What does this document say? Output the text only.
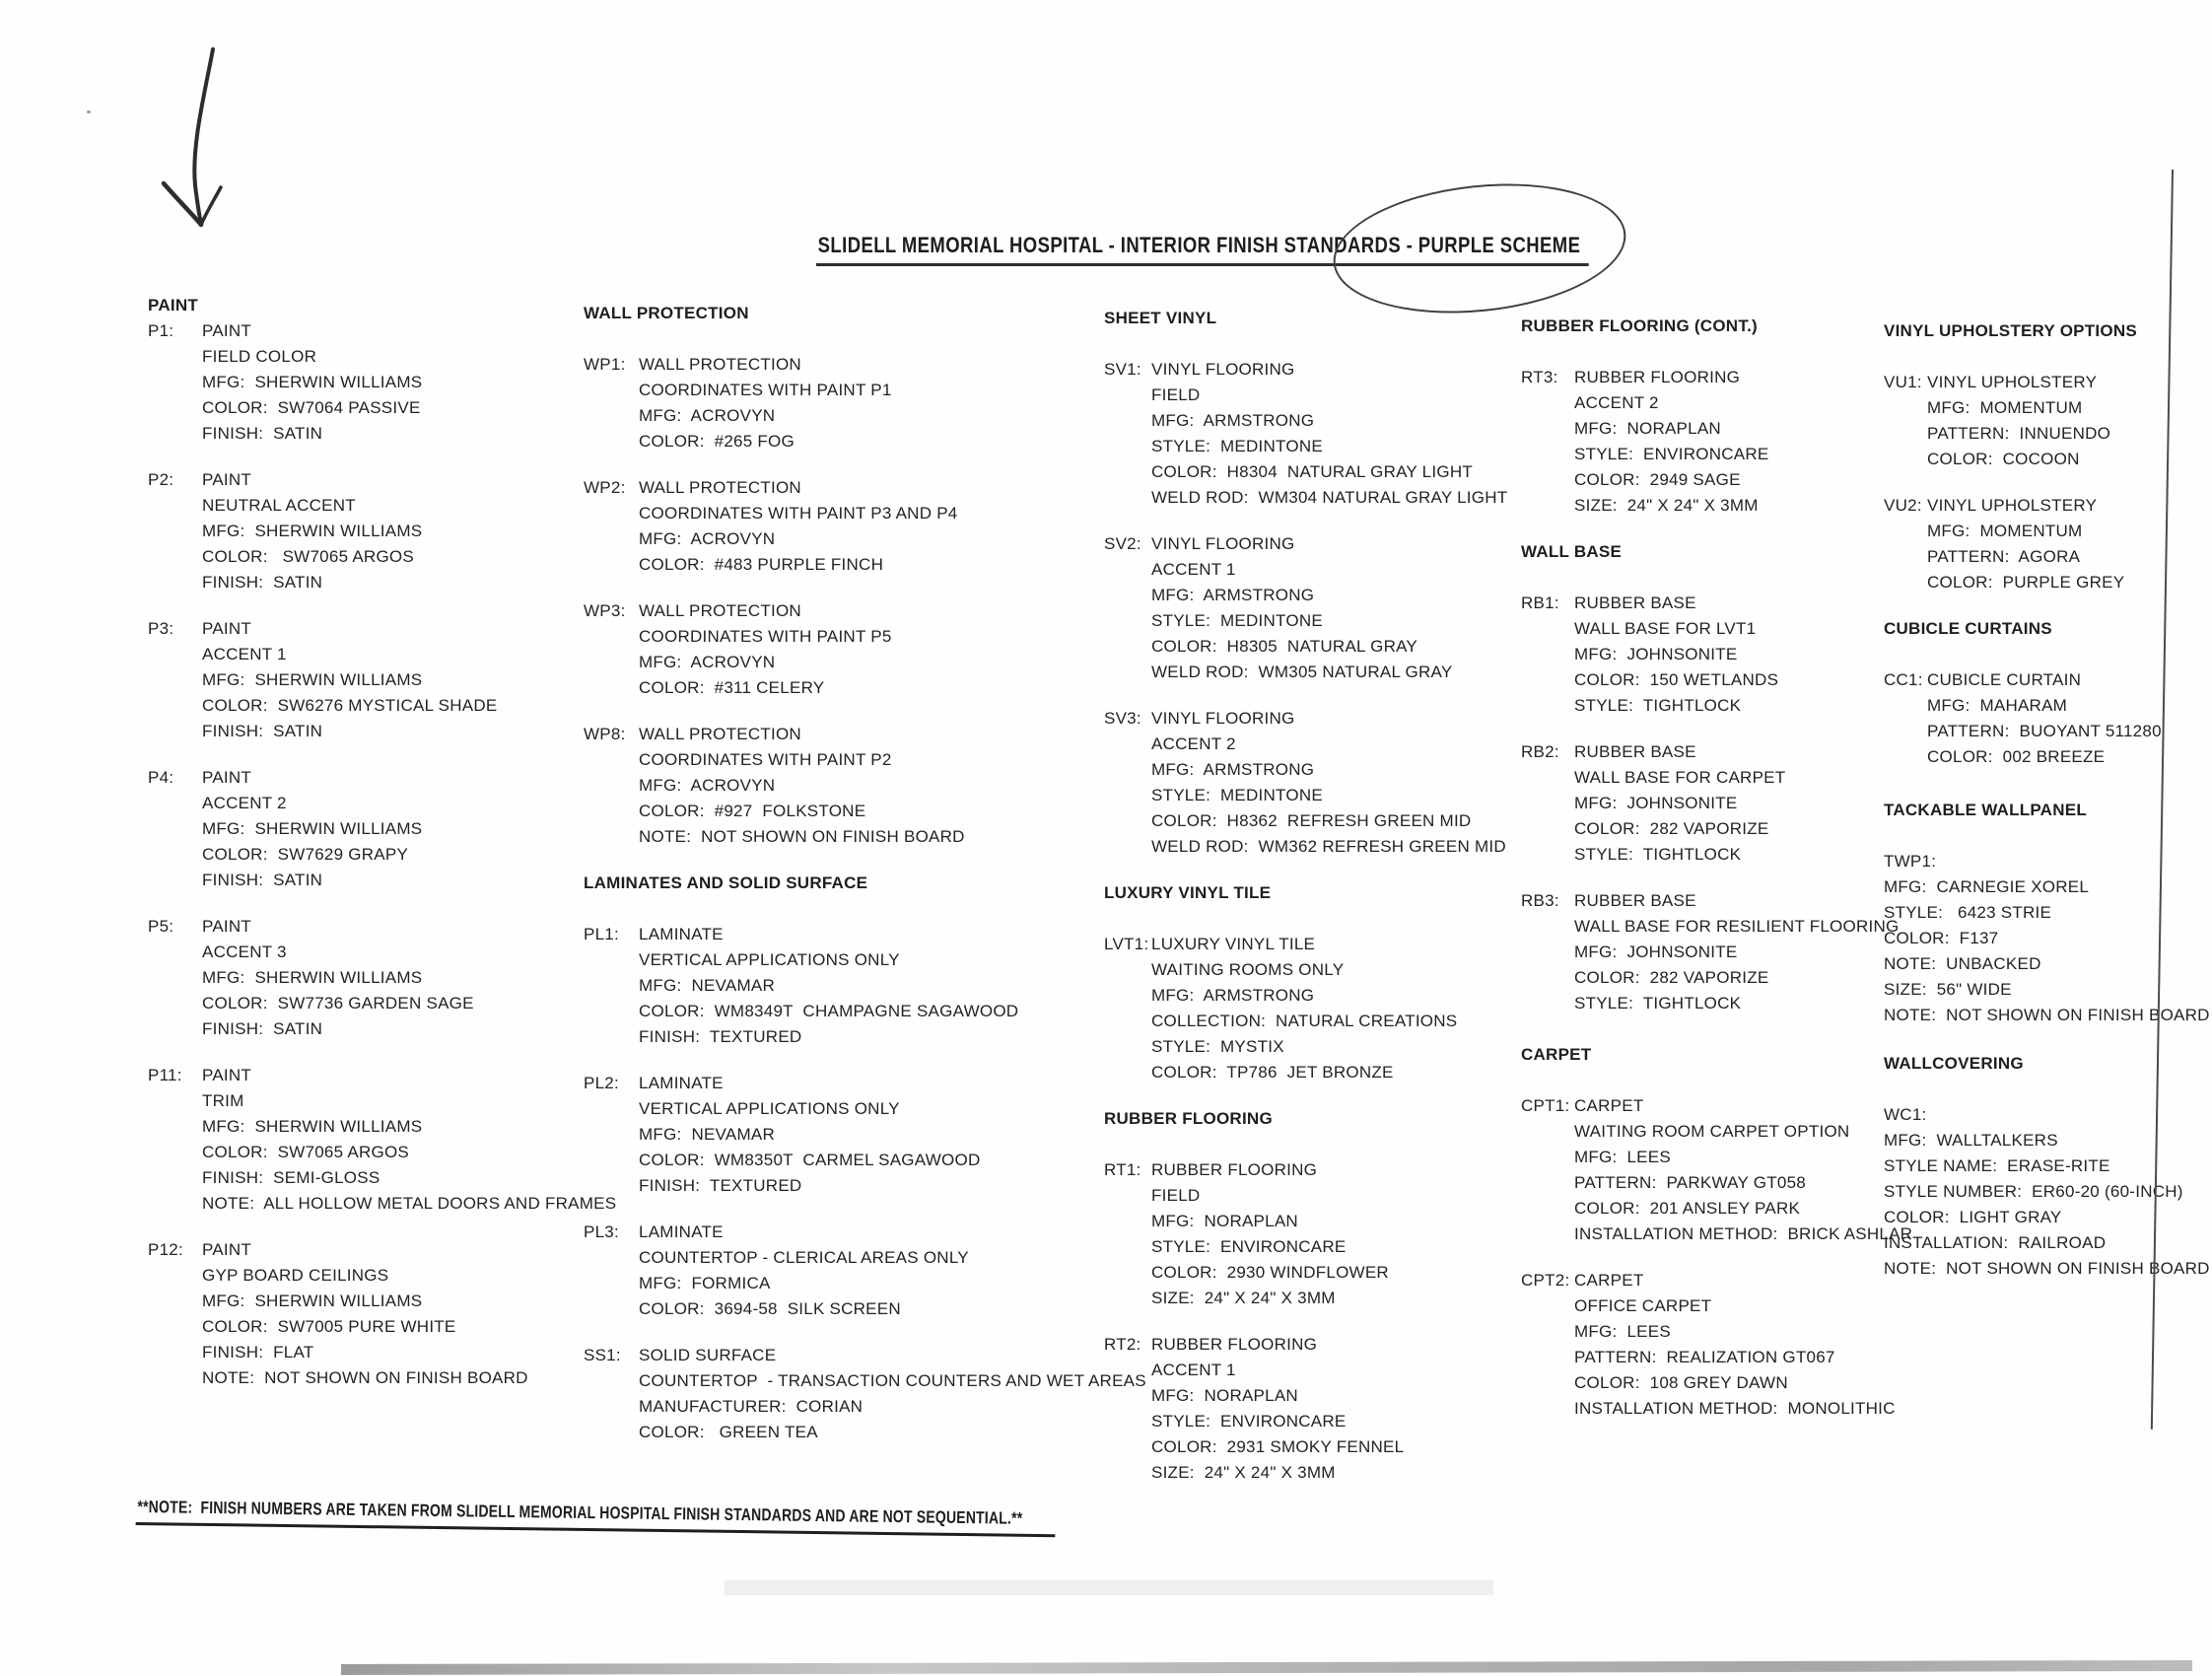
SLIDELL MEMORIAL HOSPITAL - INTERIOR FINISH STANDARDS - PURPLE SCHEME
PAINT
P1:	PAINT
FIELD COLOR
MFG:  SHERWIN WILLIAMS
COLOR:  SW7064 PASSIVE
FINISH:  SATIN
P2:	PAINT
NEUTRAL ACCENT
MFG:  SHERWIN WILLIAMS
COLOR:   SW7065 ARGOS
FINISH:  SATIN
P3:	PAINT
ACCENT 1
MFG:  SHERWIN WILLIAMS
COLOR:  SW6276 MYSTICAL SHADE
FINISH:  SATIN
P4:	PAINT
ACCENT 2
MFG:  SHERWIN WILLIAMS
COLOR:  SW7629 GRAPY
FINISH:  SATIN
P5:	PAINT
ACCENT 3
MFG:  SHERWIN WILLIAMS
COLOR:  SW7736 GARDEN SAGE
FINISH:  SATIN
P11:	PAINT
TRIM
MFG:  SHERWIN WILLIAMS
COLOR:  SW7065 ARGOS
FINISH:  SEMI-GLOSS
NOTE:  ALL HOLLOW METAL DOORS AND FRAMES
P12:	PAINT
GYP BOARD CEILINGS
MFG:  SHERWIN WILLIAMS
COLOR:  SW7005 PURE WHITE
FINISH:  FLAT
NOTE:  NOT SHOWN ON FINISH BOARD
WALL PROTECTION
WP1: WALL PROTECTION
COORDINATES WITH PAINT P1
MFG:  ACROVYN
COLOR:  #265 FOG
WP2: WALL PROTECTION
COORDINATES WITH PAINT P3 AND P4
MFG:  ACROVYN
COLOR:  #483 PURPLE FINCH
WP3: WALL PROTECTION
COORDINATES WITH PAINT P5
MFG:  ACROVYN
COLOR:  #311 CELERY
WP8: WALL PROTECTION
COORDINATES WITH PAINT P2
MFG:  ACROVYN
COLOR:  #927  FOLKSTONE
NOTE:  NOT SHOWN ON FINISH BOARD
LAMINATES AND SOLID SURFACE
PL1:	LAMINATE
VERTICAL APPLICATIONS ONLY
MFG:  NEVAMAR
COLOR:  WM8349T  CHAMPAGNE SAGAWOOD
FINISH:  TEXTURED
PL2:	LAMINATE
VERTICAL APPLICATIONS ONLY
MFG:  NEVAMAR
COLOR:  WM8350T  CARMEL SAGAWOOD
FINISH:  TEXTURED
PL3:	LAMINATE
COUNTERTOP - CLERICAL AREAS ONLY
MFG:  FORMICA
COLOR:  3694-58  SILK SCREEN
SS1:	SOLID SURFACE
COUNTERTOP  - TRANSACTION COUNTERS AND WET AREAS
MANUFACTURER:  CORIAN
COLOR:   GREEN TEA
SHEET VINYL
SV1: VINYL FLOORING
FIELD
MFG:  ARMSTRONG
STYLE:  MEDINTONE
COLOR:  H8304  NATURAL GRAY LIGHT
WELD ROD:  WM304 NATURAL GRAY LIGHT
SV2: VINYL FLOORING
ACCENT 1
MFG:  ARMSTRONG
STYLE:  MEDINTONE
COLOR:  H8305  NATURAL GRAY
WELD ROD:  WM305 NATURAL GRAY
SV3: VINYL FLOORING
ACCENT 2
MFG:  ARMSTRONG
STYLE:  MEDINTONE
COLOR:  H8362  REFRESH GREEN MID
WELD ROD:  WM362 REFRESH GREEN MID
LUXURY VINYL TILE
LVT1: LUXURY VINYL TILE
WAITING ROOMS ONLY
MFG:  ARMSTRONG
COLLECTION:  NATURAL CREATIONS
STYLE:  MYSTIX
COLOR:  TP786  JET BRONZE
RUBBER FLOORING
RT1: RUBBER FLOORING
FIELD
MFG:  NORAPLAN
STYLE:  ENVIRONCARE
COLOR:  2930 WINDFLOWER
SIZE:  24" X 24" X 3MM
RT2: RUBBER FLOORING
ACCENT 1
MFG:  NORAPLAN
STYLE:  ENVIRONCARE
COLOR:  2931 SMOKY FENNEL
SIZE:  24" X 24" X 3MM
RUBBER FLOORING (CONT.)
RT3: RUBBER FLOORING
ACCENT 2
MFG:  NORAPLAN
STYLE:  ENVIRONCARE
COLOR:  2949 SAGE
SIZE:  24" X 24" X 3MM
WALL BASE
RB1: RUBBER BASE
WALL BASE FOR LVT1
MFG:  JOHNSONITE
COLOR:  150 WETLANDS
STYLE:  TIGHTLOCK
RB2: RUBBER BASE
WALL BASE FOR CARPET
MFG:  JOHNSONITE
COLOR:  282 VAPORIZE
STYLE:  TIGHTLOCK
RB3: RUBBER BASE
WALL BASE FOR RESILIENT FLOORING
MFG:  JOHNSONITE
COLOR:  282 VAPORIZE
STYLE:  TIGHTLOCK
CARPET
CPT1: CARPET
WAITING ROOM CARPET OPTION
MFG:  LEES
PATTERN:  PARKWAY GT058
COLOR:  201 ANSLEY PARK
INSTALLATION METHOD:  BRICK ASHLAR
CPT2: CARPET
OFFICE CARPET
MFG:  LEES
PATTERN:  REALIZATION GT067
COLOR:  108 GREY DAWN
INSTALLATION METHOD:  MONOLITHIC
VINYL UPHOLSTERY OPTIONS
VU1: VINYL UPHOLSTERY
MFG:  MOMENTUM
PATTERN:  INNUENDO
COLOR:  COCOON
VU2: VINYL UPHOLSTERY
MFG:  MOMENTUM
PATTERN:  AGORA
COLOR:  PURPLE GREY
CUBICLE CURTAINS
CC1: CUBICLE CURTAIN
MFG:  MAHARAM
PATTERN:  BUOYANT 511280
COLOR:  002 BREEZE
TACKABLE WALLPANEL
TWP1:
MFG:  CARNEGIE XOREL
STYLE:   6423 STRIE
COLOR:  F137
NOTE:  UNBACKED
SIZE:  56" WIDE
NOTE:  NOT SHOWN ON FINISH BOARD
WALLCOVERING
WC1:
MFG:  WALLTALKERS
STYLE NAME:  ERASE-RITE
STYLE NUMBER:  ER60-20 (60-INCH)
COLOR:  LIGHT GRAY
INSTALLATION:  RAILROAD
NOTE:  NOT SHOWN ON FINISH BOARD
**NOTE:  FINISH NUMBERS ARE TAKEN FROM SLIDELL MEMORIAL HOSPITAL FINISH STANDARDS AND ARE NOT SEQUENTIAL.**
